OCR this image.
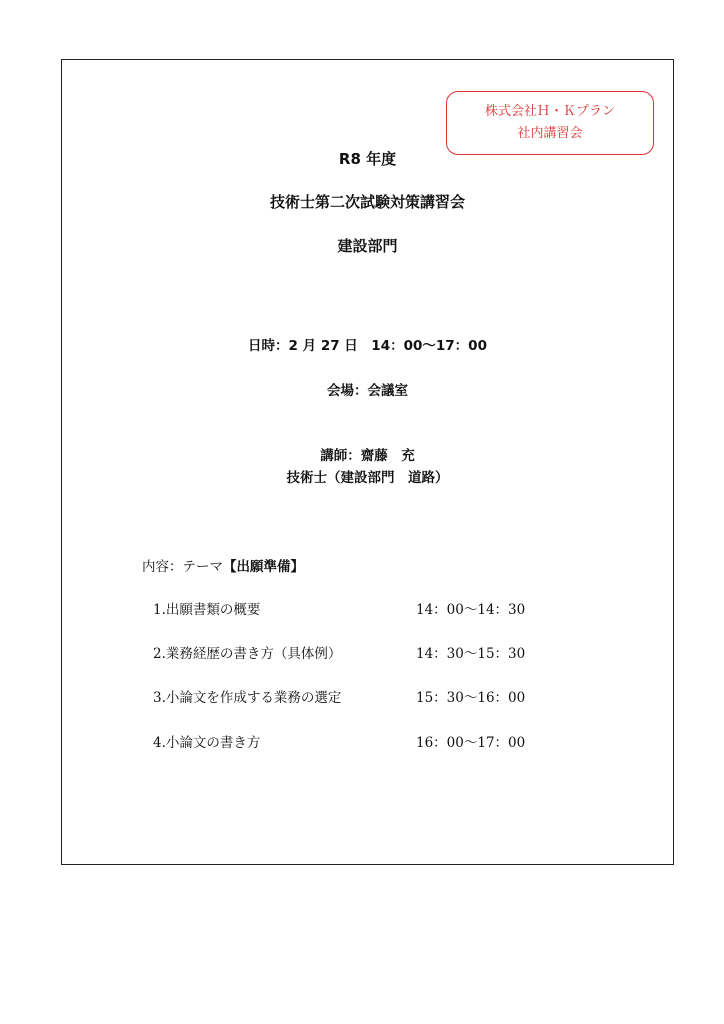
株式会社Ｈ・Ｋプラン
社内講習会
R8 年度
技術士第二次試験対策講習会
建設部門
日時：2 月 27 日　14：00～17：00
会場：会議室
講師：齋藤　充
技術士（建設部門　道路）
内容：テーマ【出願準備】
1.出願書類の概要	14：00～14：30
2.業務経歴の書き方（具体例）	14：30～15：30
3.小論文を作成する業務の選定	15：30～16：00
4.小論文の書き方	16：00～17：00
